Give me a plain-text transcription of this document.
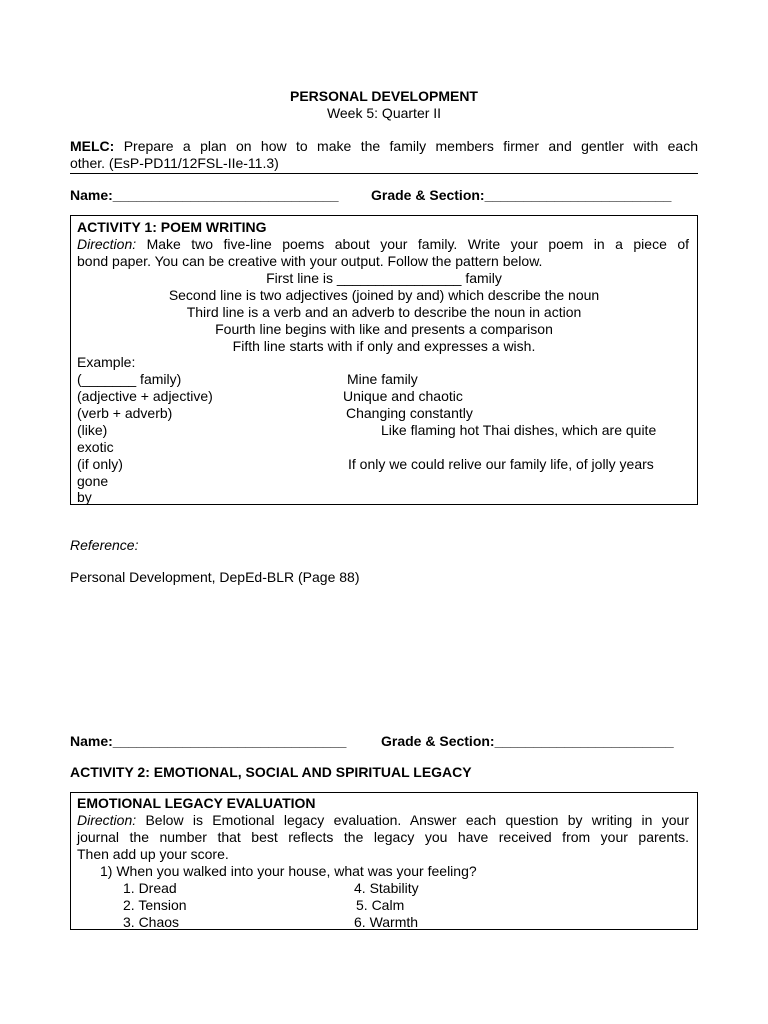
PERSONAL DEVELOPMENT
Week 5: Quarter II
MELC: Prepare a plan on how to make the family members firmer and gentler with each
other. (EsP-PD11/12FSL-IIe-11.3)
Name:_____________________________ Grade & Section:________________________
ACTIVITY 1: POEM WRITING
Direction: Make two five-line poems about your family. Write your poem in a piece of
bond paper. You can be creative with your output. Follow the pattern below.
First line is ________________ family
Second line is two adjectives (joined by and) which describe the noun
Third line is a verb and an adverb to describe the noun in action
Fourth line begins with like and presents a comparison
Fifth line starts with if only and expresses a wish.
Example:
(_______ family)	Mine family
(adjective + adjective)	Unique and chaotic
(verb + adverb)	Changing constantly
(like)	Like flaming hot Thai dishes, which are quite
exotic
(if only)	If only we could relive our family life, of jolly years
gone
by
Reference:
Personal Development, DepEd-BLR (Page 88)
Name:______________________________ Grade & Section:_______________________
ACTIVITY 2: EMOTIONAL, SOCIAL AND SPIRITUAL LEGACY
EMOTIONAL LEGACY EVALUATION
Direction: Below is Emotional legacy evaluation. Answer each question by writing in your
journal the number that best reflects the legacy you have received from your parents.
Then add up your score.
1) When you walked into your house, what was your feeling?
1. Dread	4. Stability
2. Tension	5. Calm
3. Chaos	6. Warmth
